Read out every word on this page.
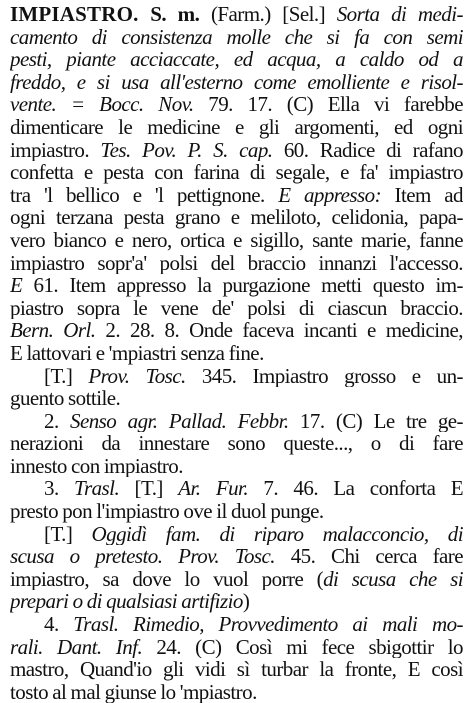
IMPIASTRO. S. m. (Farm.) [Sel.] Sorta di medi-
camento di consistenza molle che si fa con semi
pesti, piante acciaccate, ed acqua, a caldo od a
freddo, e si usa all'esterno come emolliente e risol-
vente. = Bocc. Nov. 79. 17. (C) Ella vi farebbe
dimenticare le medicine e gli argomenti, ed ogni
impiastro. Tes. Pov. P. S. cap. 60. Radice di rafano
confetta e pesta con farina di segale, e fa' impiastro
tra 'l bellico e 'l pettignone. E appresso: Item ad
ogni terzana pesta grano e meliloto, celidonia, papa-
vero bianco e nero, ortica e sigillo, sante marie, fanne
impiastro sopr'a' polsi del braccio innanzi l'accesso.
E 61. Item appresso la purgazione metti questo im-
piastro sopra le vene de' polsi di ciascun braccio.
Bern. Orl. 2. 28. 8. Onde faceva incanti e medicine,
E lattovari e 'mpiastri senza fine.
[T.] Prov. Tosc. 345. Impiastro grosso e un-
guento sottile.
2. Senso agr. Pallad. Febbr. 17. (C) Le tre ge-
nerazioni da innestare sono queste..., o di fare
innesto con impiastro.
3. Trasl. [T.] Ar. Fur. 7. 46. La conforta E
presto pon l'impiastro ove il duol punge.
[T.] Oggidì fam. di riparo malacconcio, di
scusa o pretesto. Prov. Tosc. 45. Chi cerca fare
impiastro, sa dove lo vuol porre (di scusa che si
prepari o di qualsiasi artifizio)
4. Trasl. Rimedio, Provvedimento ai mali mo-
rali. Dant. Inf. 24. (C) Così mi fece sbigottir lo
mastro, Quand'io gli vidi sì turbar la fronte, E così
tosto al mal giunse lo 'mpiastro.
